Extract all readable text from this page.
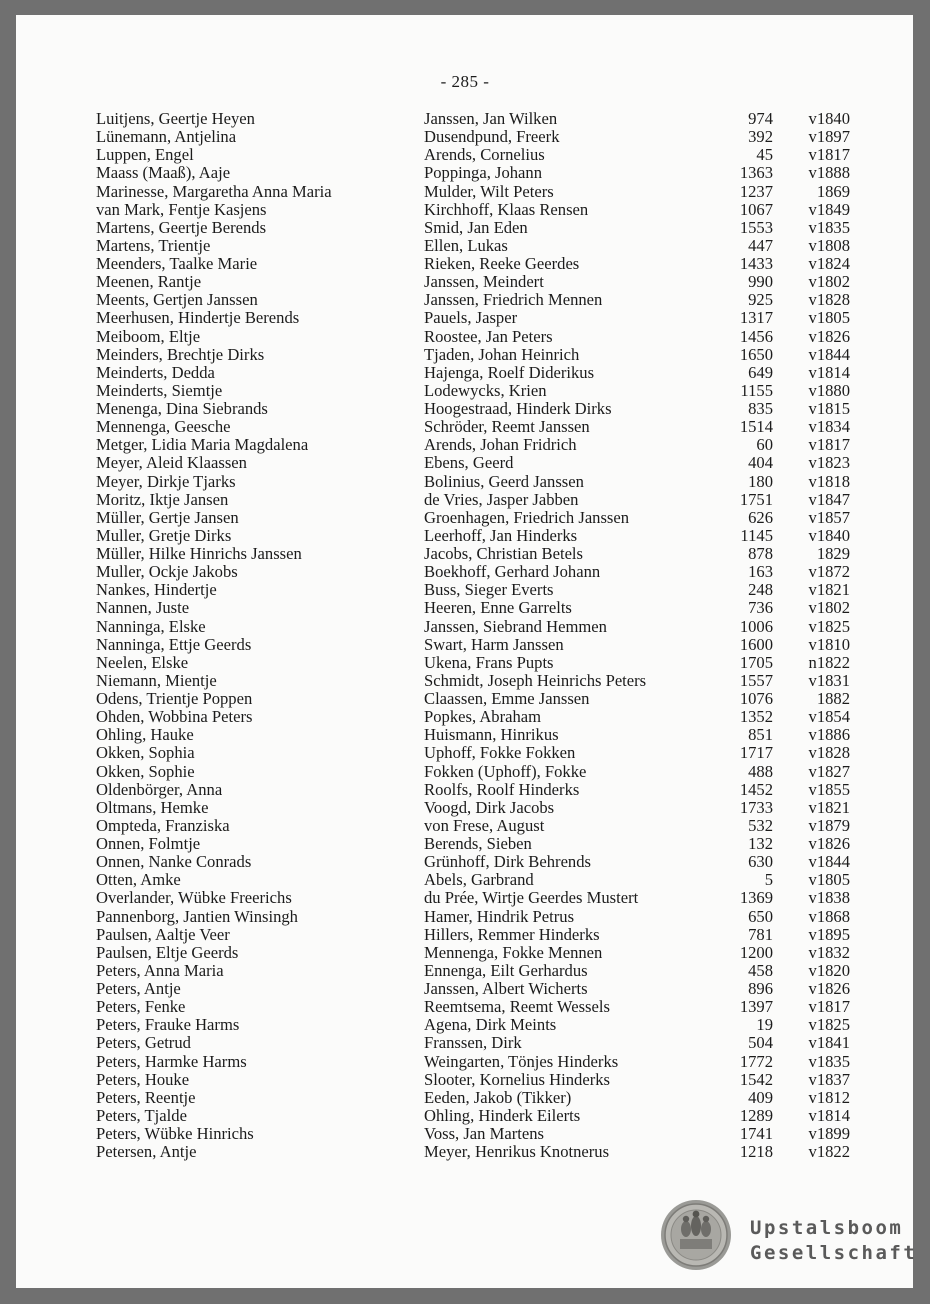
- 285 -
Luitjens, Geertje Heyen	Janssen, Jan Wilken	974 v1840
Lünemann, Antjelina	Dusendpund, Freerk	392 v1897
Luppen, Engel	Arends, Cornelius	45 v1817
Maass (Maaß), Aaje	Poppinga, Johann	1363 v1888
Marinesse, Margaretha Anna Maria	Mulder, Wilt Peters	1237	1869
van Mark, Fentje Kasjens	Kirchhoff, Klaas Rensen	1067 v1849
Martens, Geertje Berends	Smid, Jan Eden	1553 v1835
Martens, Trientje	Ellen, Lukas	447 v1808
Meenders, Taalke Marie	Rieken, Reeke Geerdes	1433 v1824
Meenen, Rantje	Janssen, Meindert	990 v1802
Meents, Gertjen Janssen	Janssen, Friedrich Mennen	925 v1828
Meerhusen, Hindertje Berends	Pauels, Jasper	1317 v1805
Meiboom, Eltje	Roostee, Jan Peters	1456 v1826
Meinders, Brechtje Dirks	Tjaden, Johan Heinrich	1650 v1844
Meinderts, Dedda	Hajenga, Roelf Diderikus	649 v1814
Meinderts, Siemtje	Lodewycks, Krien	1155 v1880
Menenga, Dina Siebrands	Hoogestraad, Hinderk Dirks	835 v1815
Mennenga, Geesche	Schröder, Reemt Janssen	1514 v1834
Metger, Lidia Maria Magdalena	Arends, Johan Fridrich	60 v1817
Meyer, Aleid Klaassen	Ebens, Geerd	404 v1823
Meyer, Dirkje Tjarks	Bolinius, Geerd Janssen	180 v1818
Moritz, Iktje Jansen	de Vries, Jasper Jabben	1751 v1847
Müller, Gertje Jansen	Groenhagen, Friedrich Janssen	626 v1857
Muller, Gretje Dirks	Leerhoff, Jan Hinderks	1145 v1840
Müller, Hilke Hinrichs Janssen	Jacobs, Christian Betels	878	1829
Muller, Ockje Jakobs	Boekhoff, Gerhard Johann	163 v1872
Nankes, Hindertje	Buss, Sieger Everts	248 v1821
Nannen, Juste	Heeren, Enne Garrelts	736 v1802
Nanninga, Elske	Janssen, Siebrand Hemmen	1006 v1825
Nanninga, Ettje Geerds	Swart, Harm Janssen	1600 v1810
Neelen, Elske	Ukena, Frans Pupts	1705 n1822
Niemann, Mientje	Schmidt, Joseph Heinrichs Peters	1557 v1831
Odens, Trientje Poppen	Claassen, Emme Janssen	1076	1882
Ohden, Wobbina Peters	Popkes, Abraham	1352 v1854
Ohling, Hauke	Huismann, Hinrikus	851 v1886
Okken, Sophia	Uphoff, Fokke Fokken	1717 v1828
Okken, Sophie	Fokken (Uphoff), Fokke	488 v1827
Oldenbörger, Anna	Roolfs, Roolf Hinderks	1452 v1855
Oltmans, Hemke	Voogd, Dirk Jacobs	1733 v1821
Ompteda, Franziska	von Frese, August	532 v1879
Onnen, Folmtje	Berends, Sieben	132 v1826
Onnen, Nanke Conrads	Grünhoff, Dirk Behrends	630 v1844
Otten, Amke	Abels, Garbrand	5 v1805
Overlander, Wübke Freerichs	du Prée, Wirtje Geerdes Mustert	1369 v1838
Pannenborg, Jantien Winsingh	Hamer, Hindrik Petrus	650 v1868
Paulsen, Aaltje Veer	Hillers, Remmer Hinderks	781 v1895
Paulsen, Eltje Geerds	Mennenga, Fokke Mennen	1200 v1832
Peters, Anna Maria	Ennenga, Eilt Gerhardus	458 v1820
Peters, Antje	Janssen, Albert Wicherts	896 v1826
Peters, Fenke	Reemtsema, Reemt Wessels	1397 v1817
Peters, Frauke Harms	Agena, Dirk Meints	19 v1825
Peters, Getrud	Franssen, Dirk	504 v1841
Peters, Harmke Harms	Weingarten, Tönjes Hinderks	1772 v1835
Peters, Houke	Slooter, Kornelius Hinderks	1542 v1837
Peters, Reentje	Eeden, Jakob (Tikker)	409 v1812
Peters, Tjalde	Ohling, Hinderk Eilerts	1289 v1814
Peters, Wübke Hinrichs	Voss, Jan Martens	1741 v1899
Petersen, Antje	Meyer, Henrikus Knotnerus	1218 v1822
Upstalsboom
Gesellschaft
